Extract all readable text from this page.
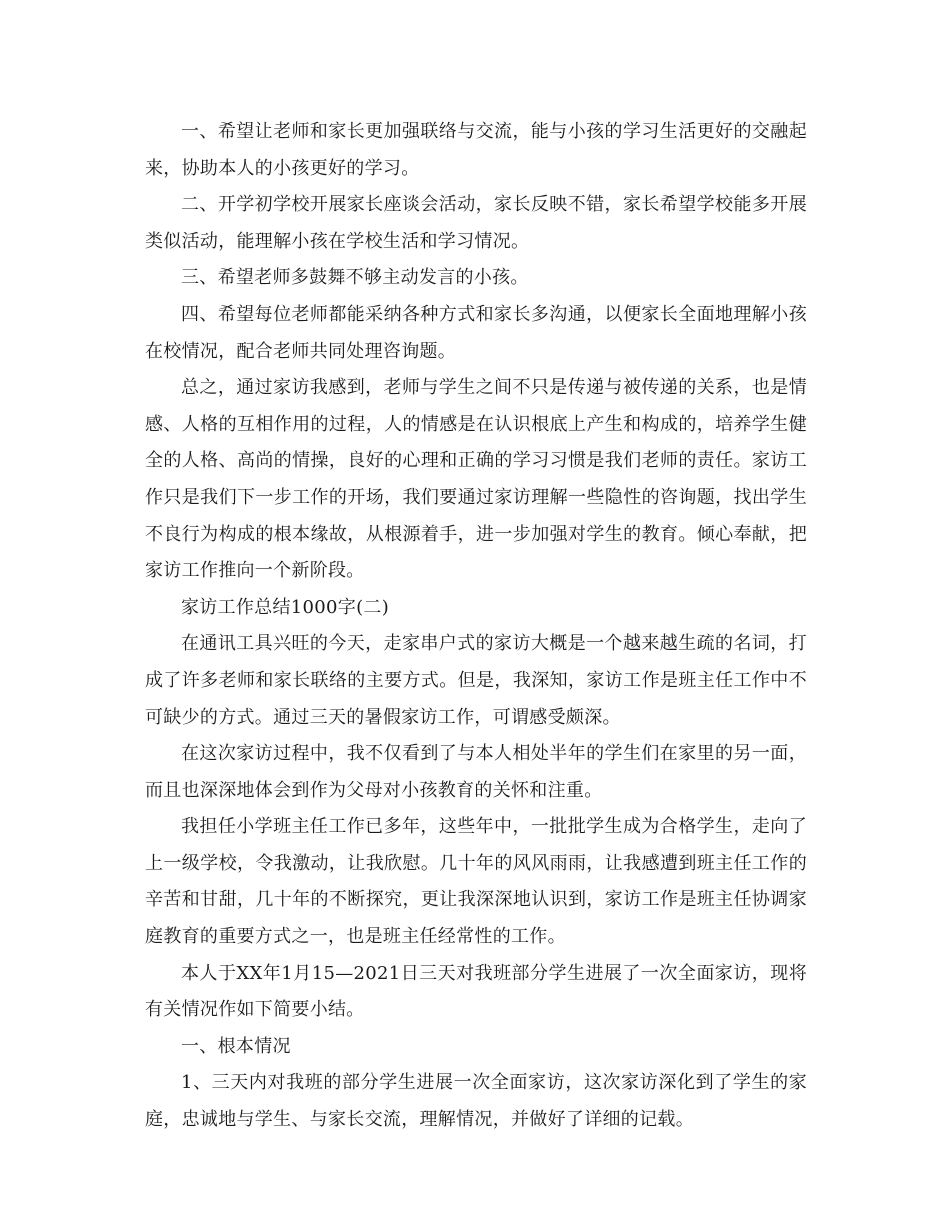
一、希望让老师和家长更加强联络与交流，能与小孩的学习生活更好的交融起来，协助本人的小孩更好的学习。

二、开学初学校开展家长座谈会活动，家长反映不错，家长希望学校能多开展类似活动，能理解小孩在学校生活和学习情况。

三、希望老师多鼓舞不够主动发言的小孩。

四、希望每位老师都能采纳各种方式和家长多沟通，以便家长全面地理解小孩在校情况，配合老师共同处理咨询题。

总之，通过家访我感到，老师与学生之间不只是传递与被传递的关系，也是情感、人格的互相作用的过程，人的情感是在认识根底上产生和构成的，培养学生健全的人格、高尚的情操，良好的心理和正确的学习习惯是我们老师的责任。家访工作只是我们下一步工作的开场，我们要通过家访理解一些隐性的咨询题，找出学生不良行为构成的根本缘故，从根源着手，进一步加强对学生的教育。倾心奉献，把家访工作推向一个新阶段。

家访工作总结1000字(二)

在通讯工具兴旺的今天，走家串户式的家访大概是一个越来越生疏的名词，打成了许多老师和家长联络的主要方式。但是，我深知，家访工作是班主任工作中不可缺少的方式。通过三天的暑假家访工作，可谓感受颇深。

在这次家访过程中，我不仅看到了与本人相处半年的学生们在家里的另一面，而且也深深地体会到作为父母对小孩教育的关怀和注重。

我担任小学班主任工作已多年，这些年中，一批批学生成为合格学生，走向了上一级学校，令我激动，让我欣慰。几十年的风风雨雨，让我感遭到班主任工作的辛苦和甘甜，几十年的不断探究，更让我深深地认识到，家访工作是班主任协调家庭教育的重要方式之一，也是班主任经常性的工作。

本人于XX年1月15—2021日三天对我班部分学生进展了一次全面家访，现将有关情况作如下简要小结。

一、根本情况

1、三天内对我班的部分学生进展一次全面家访，这次家访深化到了学生的家庭，忠诚地与学生、与家长交流，理解情况，并做好了详细的记载。
